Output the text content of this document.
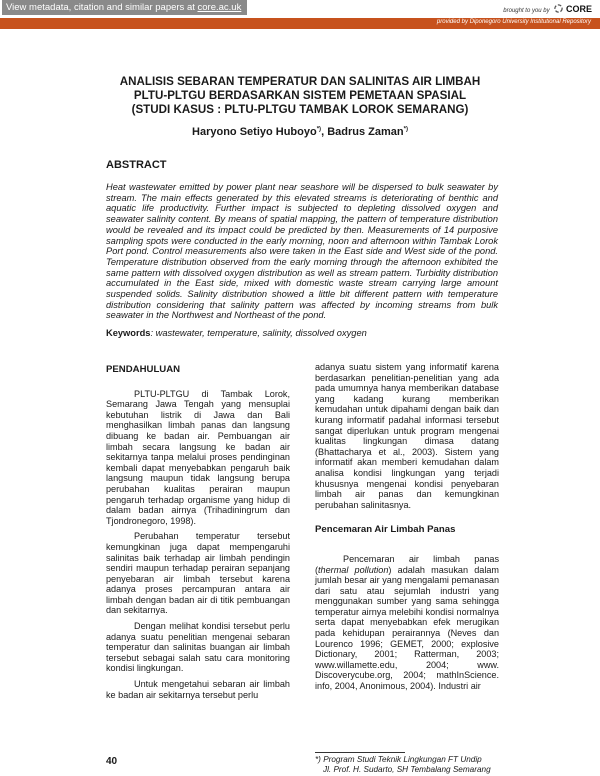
View metadata, citation and similar papers at core.ac.uk	brought to you by CORE
provided by Diponegoro University Institutional Repository
ANALISIS SEBARAN TEMPERATUR DAN SALINITAS AIR LIMBAH
PLTU-PLTGU BERDASARKAN SISTEM PEMETAAN SPASIAL
(STUDI KASUS : PLTU-PLTGU TAMBAK LOROK SEMARANG)
Haryono Setiyo Huboyo*), Badrus Zaman*)
ABSTRACT
Heat wastewater emitted by power plant near seashore will be dispersed to bulk seawater by stream. The main effects generated by this elevated streams is deteriorating of benthic and aquatic life productivity. Further impact is subjected to depleting dissolved oxygen and seawater salinity content. By means of spatial mapping, the pattern of temperature distribution would be revealed and its impact could be predicted by then. Measurements of 14 purposive sampling spots were conducted in the early morning, noon and afternoon within Tambak Lorok Port pond. Control measurements also were taken in the East side and West side of the pond. Temperature distribution observed from the early morning through the afternoon exhibited the same pattern with dissolved oxygen distribution as well as stream pattern. Turbidity distribution accumulated in the East side, mixed with domestic waste stream carrying large amount suspended solids. Salinity distribution showed a little bit different pattern with temperature distribution considering that salinity pattern was affected by incoming streams from bulk seawater in the Northwest and Northeast of the pond.
Keywords: wastewater, temperature, salinity, dissolved oxygen
PENDAHULUAN

PLTU-PLTGU di Tambak Lorok, Semarang Jawa Tengah yang mensuplai kebutuhan listrik di Jawa dan Bali menghasilkan limbah panas dan langsung dibuang ke badan air. Pembuangan air limbah secara langsung ke badan air sekitarnya tanpa melalui proses pendinginan kembali dapat menyebabkan pengaruh baik langsung maupun tidak langsung berupa perubahan kualitas perairan maupun pengaruh terhadap organisme yang hidup di dalam badan airnya (Trihadiningrum dan Tjondronegoro, 1998).

Perubahan temperatur tersebut kemungkinan juga dapat mempengaruhi salinitas baik terhadap air limbah pendingin sendiri maupun terhadap perairan sepanjang penyebaran air limbah tersebut karena adanya proses percampuran antara air limbah dengan badan air di titik pembuangan dan sekitarnya.

Dengan melihat kondisi tersebut perlu adanya suatu penelitian mengenai sebaran temperatur dan salinitas buangan air limbah tersebut sebagai salah satu cara monitoring kondisi lingkungan.

Untuk mengetahui sebaran air limbah ke badan air sekitarnya tersebut perlu

adanya suatu sistem yang informatif karena berdasarkan penelitian-penelitian yang ada pada umumnya hanya memberikan database yang kadang kurang memberikan kemudahan untuk dipahami dengan baik dan kurang informatif padahal informasi tersebut sangat diperlukan untuk program mengenai kualitas lingkungan dimasa datang (Bhattacharya et al., 2003). Sistem yang informatif akan memberi kemudahan dalam analisa kondisi lingkungan yang terjadi khususnya mengenai kondisi penyebaran limbah air panas dan kemungkinan perubahan salinitasnya.

Pencemaran Air Limbah Panas

Pencemaran air limbah panas (thermal pollution) adalah masukan dalam jumlah besar air yang mengalami pemanasan dari satu atau sejumlah industri yang menggunakan sumber yang sama sehingga temperatur airnya melebihi kondisi normalnya serta dapat menyebabkan efek merugikan pada kehidupan perairannya (Neves dan Lourenco 1996; GEMET, 2000; explosive Dictionary, 2001; Ratterman, 2003; www.willamette.edu, 2004; www. Discoverycube.org, 2004; mathInScience. info, 2004, Anonimous, 2004). Industri air

40	*) Program Studi Teknik Lingkungan FT Undip
Jl. Prof. H. Sudarto, SH Tembalang Semarang
